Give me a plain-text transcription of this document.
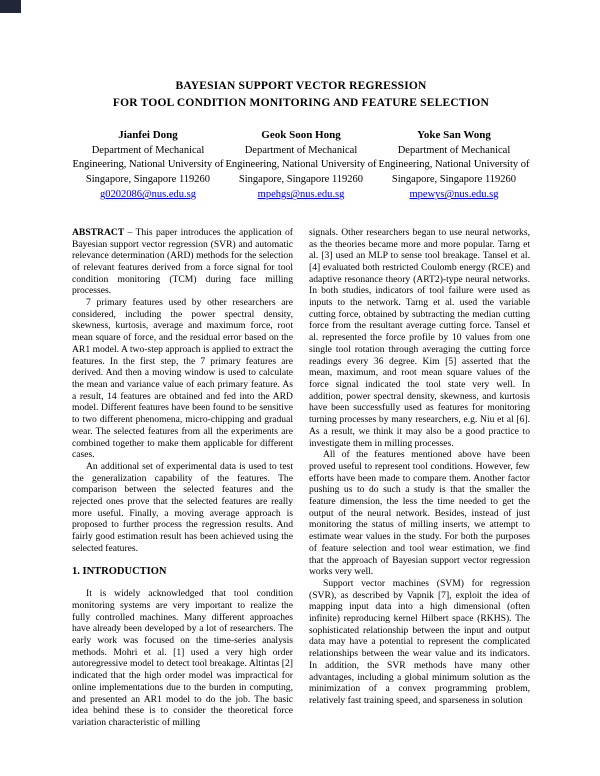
BAYESIAN SUPPORT VECTOR REGRESSION
FOR TOOL CONDITION MONITORING AND FEATURE SELECTION
Jianfei Dong
Department of Mechanical Engineering, National University of Singapore, Singapore 119260
g0202086@nus.edu.sg
Geok Soon Hong
Department of Mechanical Engineering, National University of Singapore, Singapore 119260
mpehgs@nus.edu.sg
Yoke San Wong
Department of Mechanical Engineering, National University of Singapore, Singapore 119260
mpewys@nus.edu.sg

ABSTRACT – This paper introduces the application of Bayesian support vector regression (SVR) and automatic relevance determination (ARD) methods for the selection of relevant features derived from a force signal for tool condition monitoring (TCM) during face milling processes.

7 primary features used by other researchers are considered, including the power spectral density, skewness, kurtosis, average and maximum force, root mean square of force, and the residual error based on the AR1 model. A two-step approach is applied to extract the features. In the first step, the 7 primary features are derived. And then a moving window is used to calculate the mean and variance value of each primary feature. As a result, 14 features are obtained and fed into the ARD model. Different features have been found to be sensitive to two different phenomena, micro-chipping and gradual wear. The selected features from all the experiments are combined together to make them applicable for different cases.

An additional set of experimental data is used to test the generalization capability of the features. The comparison between the selected features and the rejected ones prove that the selected features are really more useful. Finally, a moving average approach is proposed to further process the regression results. And fairly good estimation result has been achieved using the selected features.

1. INTRODUCTION

It is widely acknowledged that tool condition monitoring systems are very important to realize the fully controlled machines. Many different approaches have already been developed by a lot of researchers. The early work was focused on the time-series analysis methods. Mohri et al. [1] used a very high order autoregressive model to detect tool breakage. Altintas [2] indicated that the high order model was impractical for online implementations due to the burden in computing, and presented an AR1 model to do the job. The basic idea behind these is to consider the theoretical force variation characteristic of milling

signals. Other researchers began to use neural networks, as the theories became more and more popular. Tarng et al. [3] used an MLP to sense tool breakage. Tansel et al. [4] evaluated both restricted Coulomb energy (RCE) and adaptive resonance theory (ART2)-type neural networks. In both studies, indicators of tool failure were used as inputs to the network. Tarng et al. used the variable cutting force, obtained by subtracting the median cutting force from the resultant average cutting force. Tansel et al. represented the force profile by 10 values from one single tool rotation through averaging the cutting force readings every 36 degree. Kim [5] asserted that the mean, maximum, and root mean square values of the force signal indicated the tool state very well. In addition, power spectral density, skewness, and kurtosis have been successfully used as features for monitoring turning processes by many researchers, e.g. Niu et al [6]. As a result, we think it may also be a good practice to investigate them in milling processes.

All of the features mentioned above have been proved useful to represent tool conditions. However, few efforts have been made to compare them. Another factor pushing us to do such a study is that the smaller the feature dimension, the less the time needed to get the output of the neural network. Besides, instead of just monitoring the status of milling inserts, we attempt to estimate wear values in the study. For both the purposes of feature selection and tool wear estimation, we find that the approach of Bayesian support vector regression works very well.

Support vector machines (SVM) for regression (SVR), as described by Vapnik [7], exploit the idea of mapping input data into a high dimensional (often infinite) reproducing kernel Hilbert space (RKHS). The sophisticated relationship between the input and output data may have a potential to represent the complicated relationships between the wear value and its indicators. In addition, the SVR methods have many other advantages, including a global minimum solution as the minimization of a convex programming problem, relatively fast training speed, and sparseness in solution
